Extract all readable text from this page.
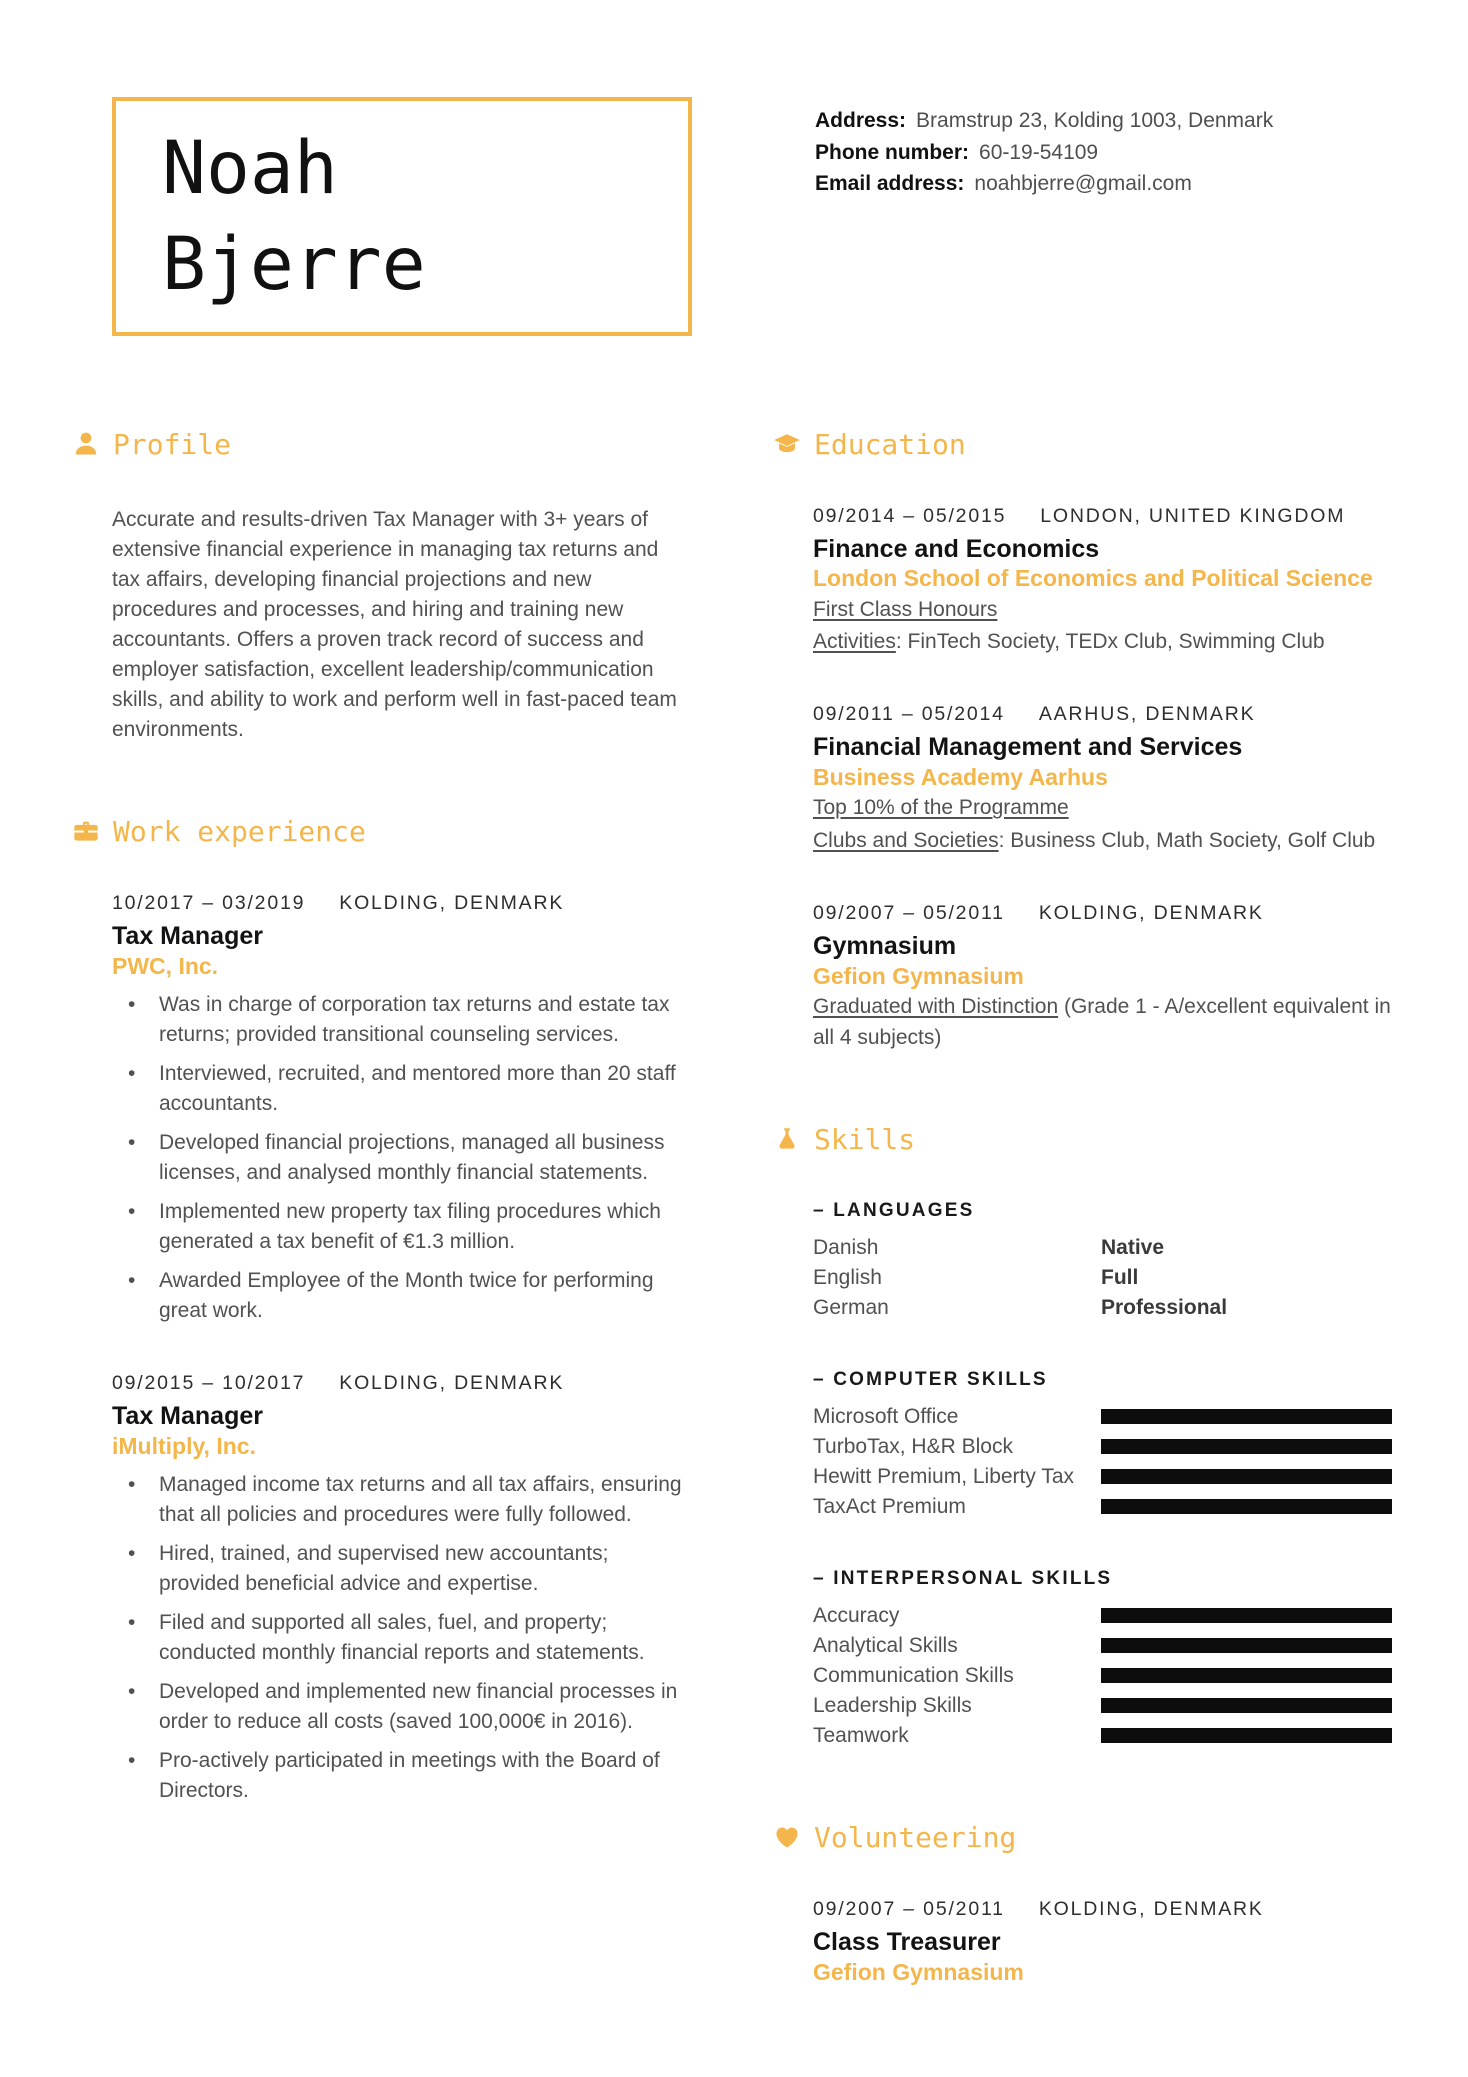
Noah
Bjerre
Address: Bramstrup 23, Kolding 1003, Denmark
Phone number: 60-19-54109
Email address: noahbjerre@gmail.com
Profile
Accurate and results-driven Tax Manager with 3+ years of extensive financial experience in managing tax returns and tax affairs, developing financial projections and new procedures and processes, and hiring and training new accountants. Offers a proven track record of success and employer satisfaction, excellent leadership/communication skills, and ability to work and perform well in fast-paced team environments.
Work experience
10/2017 – 03/2019 KOLDING, DENMARK
Tax Manager
PWC, Inc.
• Was in charge of corporation tax returns and estate tax returns; provided transitional counseling services.
• Interviewed, recruited, and mentored more than 20 staff accountants.
• Developed financial projections, managed all business licenses, and analysed monthly financial statements.
• Implemented new property tax filing procedures which generated a tax benefit of €1.3 million.
• Awarded Employee of the Month twice for performing great work.
09/2015 – 10/2017 KOLDING, DENMARK
Tax Manager
iMultiply, Inc.
• Managed income tax returns and all tax affairs, ensuring that all policies and procedures were fully followed.
• Hired, trained, and supervised new accountants; provided beneficial advice and expertise.
• Filed and supported all sales, fuel, and property; conducted monthly financial reports and statements.
• Developed and implemented new financial processes in order to reduce all costs (saved 100,000€ in 2016).
• Pro-actively participated in meetings with the Board of Directors.
Education
09/2014 – 05/2015 LONDON, UNITED KINGDOM
Finance and Economics
London School of Economics and Political Science
First Class Honours
Activities: FinTech Society, TEDx Club, Swimming Club
09/2011 – 05/2014 AARHUS, DENMARK
Financial Management and Services
Business Academy Aarhus
Top 10% of the Programme
Clubs and Societies: Business Club, Math Society, Golf Club
09/2007 – 05/2011 KOLDING, DENMARK
Gymnasium
Gefion Gymnasium
Graduated with Distinction (Grade 1 - A/excellent equivalent in all 4 subjects)
Skills
– LANGUAGES
Danish	Native
English	Full
German	Professional
– COMPUTER SKILLS
Microsoft Office
TurboTax, H&R Block
Hewitt Premium, Liberty Tax
TaxAct Premium
– INTERPERSONAL SKILLS
Accuracy
Analytical Skills
Communication Skills
Leadership Skills
Teamwork
Volunteering
09/2007 – 05/2011 KOLDING, DENMARK
Class Treasurer
Gefion Gymnasium
